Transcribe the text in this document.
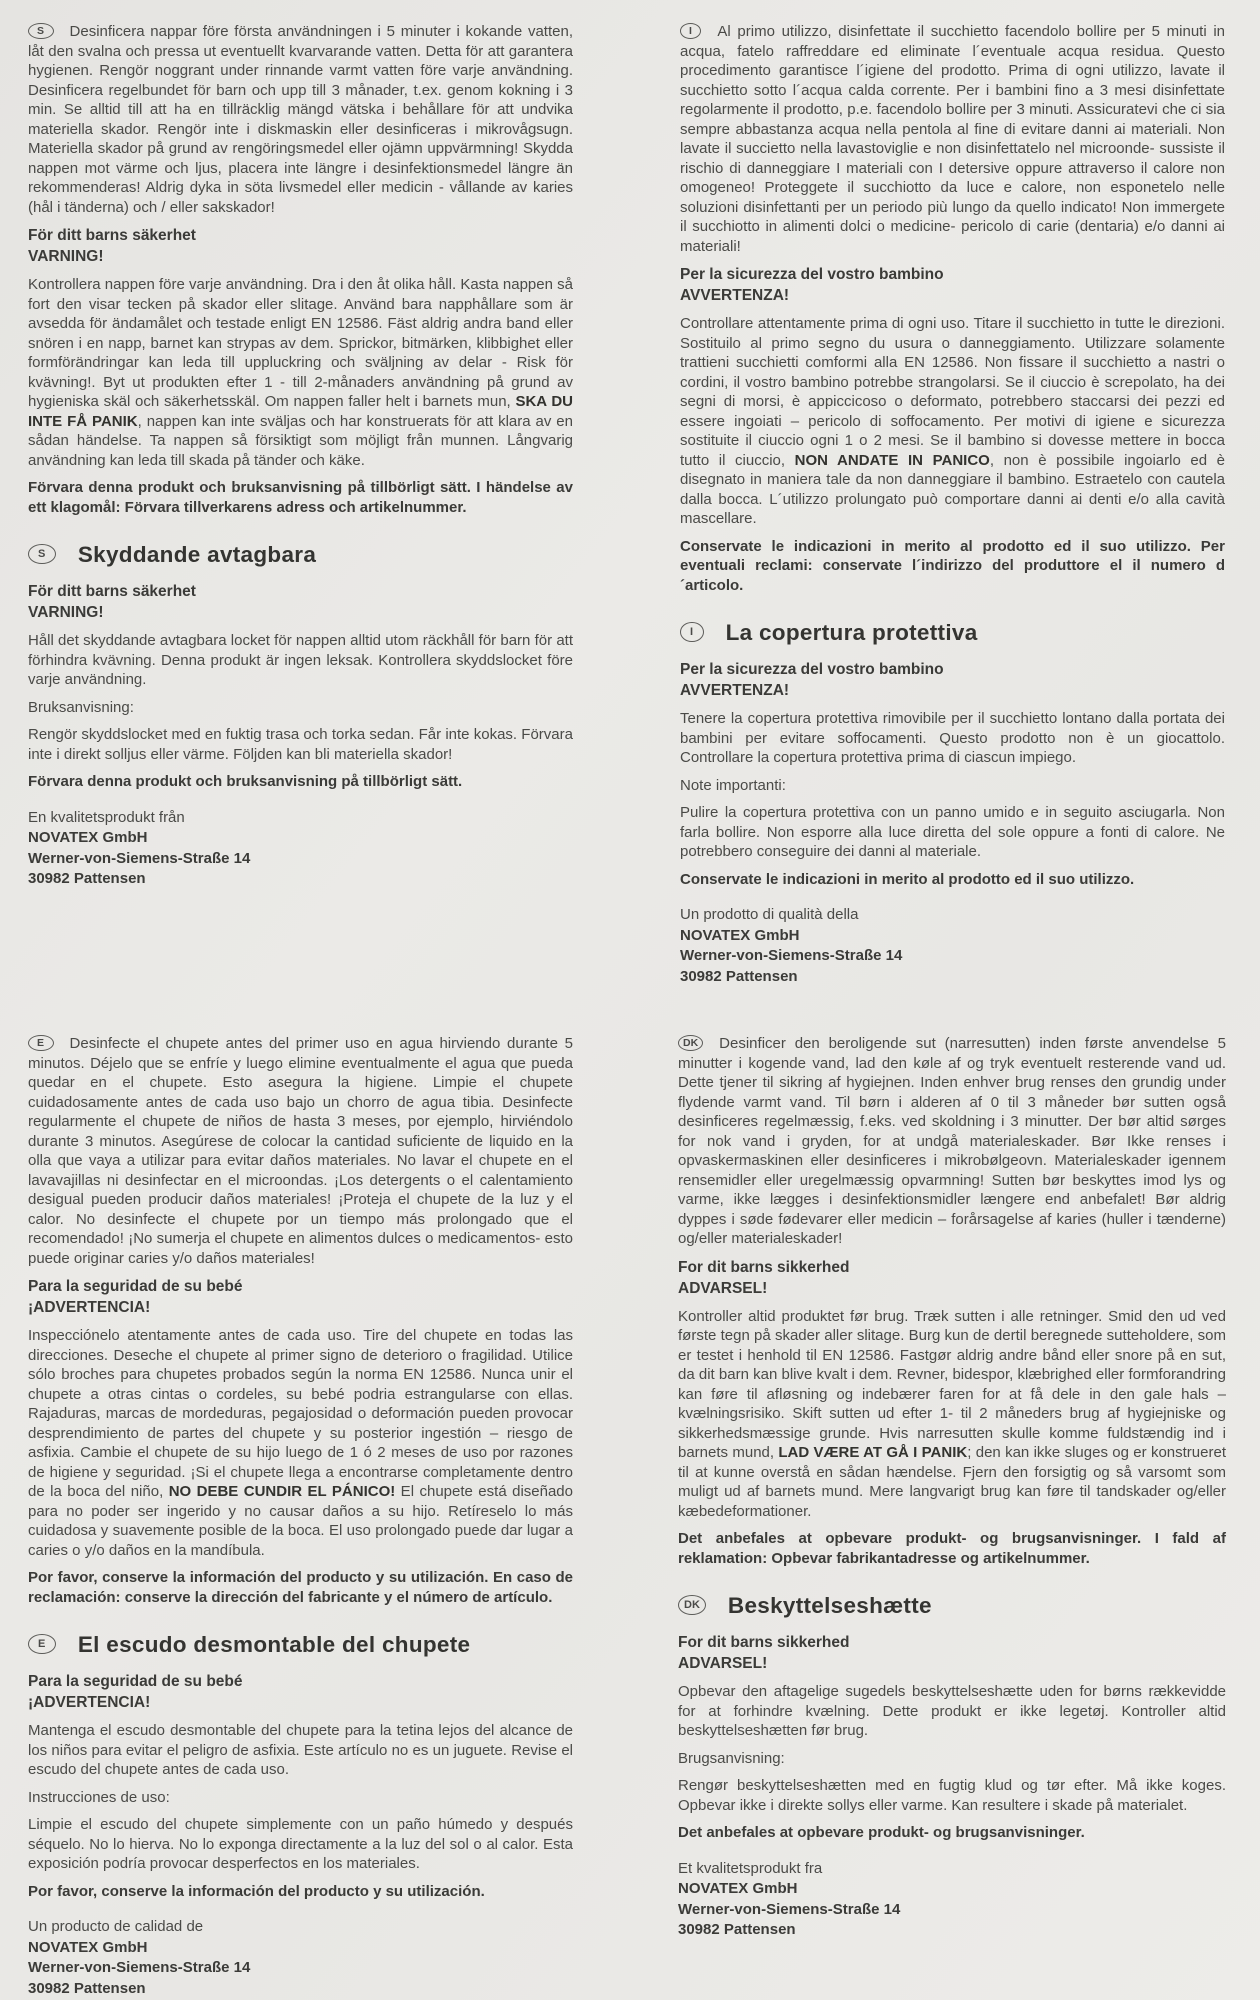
S Desinficera nappar före första användningen i 5 minuter i kokande vatten, låt den svalna och pressa ut eventuellt kvarvarande vatten. Detta för att garantera hygienen. Rengör noggrant under rinnande varmt vatten före varje användning. Desinficera regelbundet för barn och upp till 3 månader, t.ex. genom kokning i 3 min. Se alltid till att ha en tillräcklig mängd vätska i behållare för att undvika materiella skador. Rengör inte i diskmaskin eller desinficeras i mikrovågsugn. Materiella skador på grund av rengöringsmedel eller ojämn uppvärmning! Skydda nappen mot värme och ljus, placera inte längre i desinfektionsmedel längre än rekommenderas! Aldrig dyka in söta livsmedel eller medicin - vållande av karies (hål i tänderna) och / eller sakskador!

För ditt barns säkerhet
VARNING!

Kontrollera nappen före varje användning. Dra i den åt olika håll. Kasta nappen så fort den visar tecken på skador eller slitage. Använd bara napphållare som är avsedda för ändamålet och testade enligt EN 12586. Fäst aldrig andra band eller snören i en napp, barnet kan strypas av dem. Sprickor, bitmärken, klibbighet eller formförändringar kan leda till uppluckring och sväljning av delar - Risk för kvävning!. Byt ut produkten efter 1 - till 2-månaders användning på grund av hygieniska skäl och säkerhetsskäl. Om nappen faller helt i barnets mun, SKA DU INTE FÅ PANIK, nappen kan inte sväljas och har konstruerats för att klara av en sådan händelse. Ta nappen så försiktigt som möjligt från munnen. Långvarig användning kan leda till skada på tänder och käke.

Förvara denna produkt och bruksanvisning på tillbörligt sätt. I händelse av ett klagomål: Förvara tillverkarens adress och artikelnummer.

S Skyddande avtagbara
För ditt barns säkerhet
VARNING!

Håll det skyddande avtagbara locket för nappen alltid utom räckhåll för barn för att förhindra kvävning. Denna produkt är ingen leksak. Kontrollera skyddslocket före varje användning.

Bruksanvisning:

Rengör skyddslocket med en fuktig trasa och torka sedan. Får inte kokas. Förvara inte i direkt solljus eller värme. Följden kan bli materiella skador!

Förvara denna produkt och bruksanvisning på tillbörligt sätt.

En kvalitetsprodukt från
NOVATEX GmbH
Werner-von-Siemens-Straße 14
30982 Pattensen

I Al primo utilizzo, disinfettate il succhietto facendolo bollire per 5 minuti in acqua, fatelo raffreddare ed eliminate l´eventuale acqua residua. Questo procedimento garantisce l´igiene del prodotto. Prima di ogni utilizzo, lavate il succhietto sotto l´acqua calda corrente. Per i bambini fino a 3 mesi disinfettate regolarmente il prodotto, p.e. facendolo bollire per 3 minuti. Assicuratevi che ci sia sempre abbastanza acqua nella pentola al fine di evitare danni ai materiali. Non lavate il succietto nella lavastoviglie e non disinfettatelo nel microonde- sussiste il rischio di danneggiare I materiali con I detersive oppure attraverso il calore non omogeneo! Proteggete il succhiotto da luce e calore, non esponetelo nelle soluzioni disinfettanti per un periodo più lungo da quello indicato! Non immergete il succhiotto in alimenti dolci o medicine- pericolo di carie (dentaria) e/o danni ai materiali!

Per la sicurezza del vostro bambino
AVVERTENZA!

Controllare attentamente prima di ogni uso. Titare il succhietto in tutte le direzioni. Sostituilo al primo segno du usura o danneggiamento. Utilizzare solamente trattieni succhietti comformi alla EN 12586. Non fissare il succhietto a nastri o cordini, il vostro bambino potrebbe strangolarsi. Se il ciuccio è screpolato, ha dei segni di morsi, è appiccicoso o deformato, potrebbero staccarsi dei pezzi ed essere ingoiati – pericolo di soffocamento. Per motivi di igiene e sicurezza sostituite il ciuccio ogni 1 o 2 mesi. Se il bambino si dovesse mettere in bocca tutto il ciuccio, NON ANDATE IN PANICO, non è possibile ingoiarlo ed è disegnato in maniera tale da non danneggiare il bambino. Estraetelo con cautela dalla bocca. L´utilizzo prolungato può comportare danni ai denti e/o alla cavità mascellare.

Conservate le indicazioni in merito al prodotto ed il suo utilizzo. Per eventuali reclami: conservate l´indirizzo del produttore el il numero d´articolo.

I La copertura protettiva
Per la sicurezza del vostro bambino
AVVERTENZA!

Tenere la copertura protettiva rimovibile per il succhietto lontano dalla portata dei bambini per evitare soffocamenti. Questo prodotto non è un giocattolo. Controllare la copertura protettiva prima di ciascun impiego.

Note importanti:

Pulire la copertura protettiva con un panno umido e in seguito asciugarla. Non farla bollire. Non esporre alla luce diretta del sole oppure a fonti di calore. Ne potrebbero conseguire dei danni al materiale.

Conservate le indicazioni in merito al prodotto ed il suo utilizzo.

Un prodotto di qualità della
NOVATEX GmbH
Werner-von-Siemens-Straße 14
30982 Pattensen

E Desinfecte el chupete antes del primer uso en agua hirviendo durante 5 minutos. Déjelo que se enfríe y luego elimine eventualmente el agua que pueda quedar en el chupete. Esto asegura la higiene. Limpie el chupete cuidadosamente antes de cada uso bajo un chorro de agua tibia. Desinfecte regularmente el chupete de niños de hasta 3 meses, por ejemplo, hirviéndolo durante 3 minutos. Asegúrese de colocar la cantidad suficiente de liquido en la olla que vaya a utilizar para evitar daños materiales. No lavar el chupete en el lavavajillas ni desinfectar en el microondas. ¡Los detergents o el calentamiento desigual pueden producir daños materiales! ¡Proteja el chupete de la luz y el calor. No desinfecte el chupete por un tiempo más prolongado que el recomendado! ¡No sumerja el chupete en alimentos dulces o medicamentos- esto puede originar caries y/o daños materiales!

Para la seguridad de su bebé
¡ADVERTENCIA!

Inspecciónelo atentamente antes de cada uso. Tire del chupete en todas las direcciones. Deseche el chupete al primer signo de deterioro o fragilidad. Utilice sólo broches para chupetes probados según la norma EN 12586. Nunca unir el chupete a otras cintas o cordeles, su bebé podria estrangularse con ellas. Rajaduras, marcas de mordeduras, pegajosidad o deformación pueden provocar desprendimiento de partes del chupete y su posterior ingestión – riesgo de asfixia. Cambie el chupete de su hijo luego de 1 ó 2 meses de uso por razones de higiene y seguridad. ¡Si el chupete llega a encontrarse completamente dentro de la boca del niño, NO DEBE CUNDIR EL PÁNICO! El chupete está diseñado para no poder ser ingerido y no causar daños a su hijo. Retíreselo lo más cuidadosa y suavemente posible de la boca. El uso prolongado puede dar lugar a caries o y/o daños en la mandíbula.

Por favor, conserve la información del producto y su utilización. En caso de reclamación: conserve la dirección del fabricante y el número de artículo.

E El escudo desmontable del chupete
Para la seguridad de su bebé
¡ADVERTENCIA!

Mantenga el escudo desmontable del chupete para la tetina lejos del alcance de los niños para evitar el peligro de asfixia. Este artículo no es un juguete. Revise el escudo del chupete antes de cada uso.

Instrucciones de uso:

Limpie el escudo del chupete simplemente con un paño húmedo y después séquelo. No lo hierva. No lo exponga directamente a la luz del sol o al calor. Esta exposición podría provocar desperfectos en los materiales.

Por favor, conserve la información del producto y su utilización.

Un producto de calidad de
NOVATEX GmbH
Werner-von-Siemens-Straße 14
30982 Pattensen

DK Desinficer den beroligende sut (narresutten) inden første anvendelse 5 minutter i kogende vand, lad den køle af og tryk eventuelt resterende vand ud. Dette tjener til sikring af hygiejnen. Inden enhver brug renses den grundig under flydende varmt vand. Til børn i alderen af 0 til 3 måneder bør sutten også desinficeres regelmæssig, f.eks. ved skoldning i 3 minutter. Der bør altid sørges for nok vand i gryden, for at undgå materialeskader. Bør Ikke renses i opvaskermaskinen eller desinficeres i mikrobølgeovn. Materialeskader igennem rensemidler eller uregelmæssig opvarmning! Sutten bør beskyttes imod lys og varme, ikke lægges i desinfektionsmidler længere end anbefalet! Bør aldrig dyppes i søde fødevarer eller medicin – forårsagelse af karies (huller i tænderne) og/eller materialeskader!

For dit barns sikkerhed
ADVARSEL!

Kontroller altid produktet før brug. Træk sutten i alle retninger. Smid den ud ved første tegn på skader aller slitage. Burg kun de dertil beregnede sutteholdere, som er testet i henhold til EN 12586. Fastgør aldrig andre bånd eller snore på en sut, da dit barn kan blive kvalt i dem. Revner, bidespor, klæbrighed eller formforandring kan føre til afløsning og indebærer faren for at få dele in den gale hals – kvælningsrisiko. Skift sutten ud efter 1- til 2 måneders brug af hygiejniske og sikkerhedsmæssige grunde. Hvis narresutten skulle komme fuldstændig ind i barnets mund, LAD VÆRE AT GÅ I PANIK; den kan ikke sluges og er konstrueret til at kunne overstå en sådan hændelse. Fjern den forsigtig og så varsomt som muligt ud af barnets mund. Mere langvarigt brug kan føre til tandskader og/eller kæbedeformationer.

Det anbefales at opbevare produkt- og brugsanvisninger. I fald af reklamation: Opbevar fabrikantadresse og artikelnummer.

DK Beskyttelseshætte
For dit barns sikkerhed
ADVARSEL!

Opbevar den aftagelige sugedels beskyttelseshætte uden for børns rækkevidde for at forhindre kvælning. Dette produkt er ikke legetøj. Kontroller altid beskyttelseshætten før brug.

Brugsanvisning:

Rengør beskyttelseshætten med en fugtig klud og tør efter. Må ikke koges. Opbevar ikke i direkte sollys eller varme. Kan resultere i skade på materialet.

Det anbefales at opbevare produkt- og brugsanvisninger.

Et kvalitetsprodukt fra
NOVATEX GmbH
Werner-von-Siemens-Straße 14
30982 Pattensen
